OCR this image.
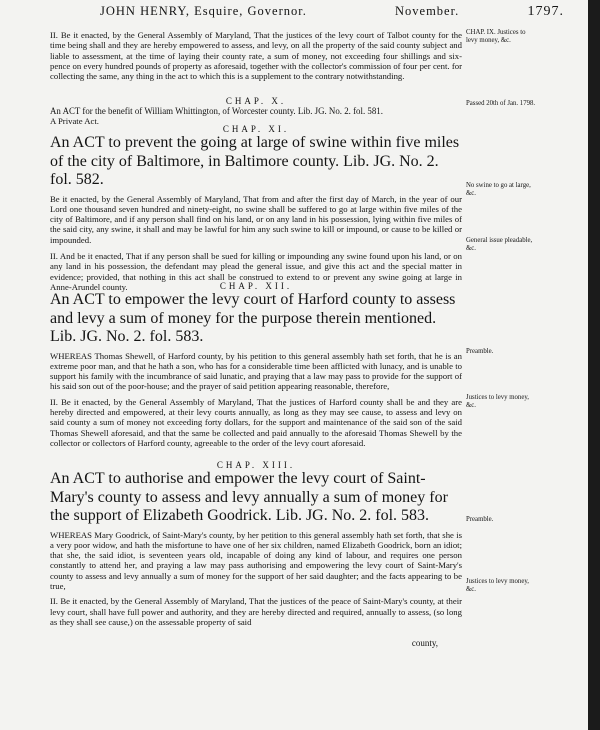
JOHN HENRY, Esquire, Governor.	November.	1797.

II. Be it enacted, by the General Assembly of Maryland, That the justices of the levy court of Talbot county for the time being shall and they are hereby empowered to assess, and levy, on all the property of the said county subject and liable to assessment, at the time of laying their county rate, a sum of money, not exceeding four shillings and six-pence on every hundred pounds of property as aforesaid, together with the collector's commission of four per cent. for collecting the same, any thing in the act to which this is a supplement to the contrary notwithstanding.

CHAP. IX. Justices to levy money, &c.

CHAP. X.

An ACT for the benefit of William Whittington, of Worcester county. Lib. JG. No. 2. fol. 581.

A Private Act.

Passed 20th of Jan. 1798.

CHAP. XI.

An ACT to prevent the going at large of swine within five miles of the city of Baltimore, in Baltimore county. Lib. JG. No. 2. fol. 582.

Be it enacted, by the General Assembly of Maryland, That from and after the first day of March, in the year of our Lord one thousand seven hundred and ninety-eight, no swine shall be suffered to go at large within five miles of the city of Baltimore, and if any person shall find on his land, or on any land in his possession, lying within five miles of the said city, any swine, it shall and may be lawful for him any such swine to kill or impound, or cause to be killed or impounded.

II. And be it enacted, That if any person shall be sued for killing or impounding any swine found upon his land, or on any land in his possession, the defendant may plead the general issue, and give this act and the special matter in evidence; provided, that nothing in this act shall be construed to extend to or prevent any swine going at large in Anne-Arundel county.

No swine to go at large, &c.
General issue pleadable, &c.

CHAP. XII.

An ACT to empower the levy court of Harford county to assess and levy a sum of money for the purpose therein mentioned. Lib. JG. No. 2. fol. 583.

WHEREAS Thomas Shewell, of Harford county, by his petition to this general assembly hath set forth, that he is an extreme poor man, and that he hath a son, who has for a considerable time been afflicted with lunacy, and is unable to support his family with the incumbrance of said lunatic, and praying that a law may pass to provide for the support of his said son out of the poor-house; and the prayer of said petition appearing reasonable, therefore,

II. Be it enacted, by the General Assembly of Maryland, That the justices of Harford county shall be and they are hereby directed and empowered, at their levy courts annually, as long as they may see cause, to assess and levy on said county a sum of money not exceeding forty dollars, for the support and maintenance of the said son of the said Thomas Shewell aforesaid, and that the same be collected and paid annually to the aforesaid Thomas Shewell by the collector or collectors of Harford county, agreeable to the order of the levy court aforesaid.

Preamble.
Justices to levy money, &c.

CHAP. XIII.

An ACT to authorise and empower the levy court of Saint-Mary's county to assess and levy annually a sum of money for the support of Elizabeth Goodrick. Lib. JG. No. 2. fol. 583.

WHEREAS Mary Goodrick, of Saint-Mary's county, by her petition to this general assembly hath set forth, that she is a very poor widow, and hath the misfortune to have one of her six children, named Elizabeth Goodrick, born an idiot; that she, the said idiot, is seventeen years old, incapable of doing any kind of labour, and requires one person constantly to attend her, and praying a law may pass authorising and empowering the levy court of Saint-Mary's county to assess and levy annually a sum of money for the support of her said daughter; and the facts appearing to be true,

II. Be it enacted, by the General Assembly of Maryland, That the justices of the peace of Saint-Mary's county, at their levy court, shall have full power and authority, and they are hereby directed and required, annually to assess, (so long as they shall see cause,) on the assessable property of said

county,
Preamble.
Justices to levy money, &c.
